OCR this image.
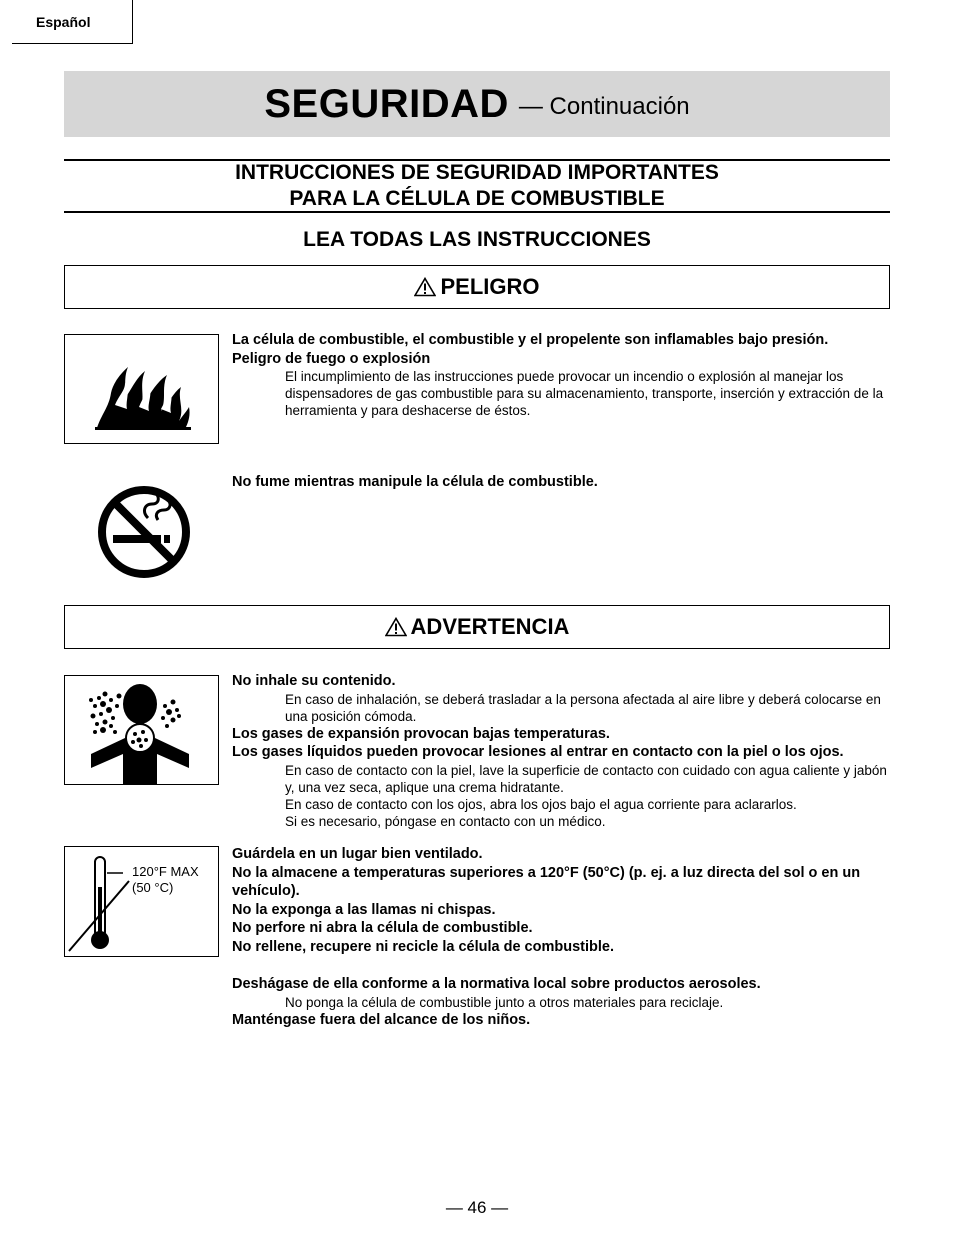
Español
SEGURIDAD — Continuación
INTRUCCIONES DE SEGURIDAD IMPORTANTES
PARA LA CÉLULA DE COMBUSTIBLE
LEA TODAS LAS INSTRUCCIONES
PELIGRO
La célula de combustible, el combustible y el propelente son inflamables bajo presión.
Peligro de fuego o explosión
El incumplimiento de las instrucciones puede provocar un incendio o explosión al manejar los dispensadores de gas combustible para su almacenamiento, transporte, inserción y extracción de la herramienta y para deshacerse de éstos.
No fume mientras manipule la célula de combustible.
ADVERTENCIA
No inhale su contenido.
En caso de inhalación, se deberá trasladar a la persona afectada al aire libre y deberá colocarse en una posición cómoda.
Los gases de expansión provocan bajas temperaturas.
Los gases líquidos pueden provocar lesiones al entrar en contacto con la piel o los ojos.
En caso de contacto con la piel, lave la superficie de contacto con cuidado con agua caliente y jabón y, una vez seca, aplique una crema hidratante.
En caso de contacto con los ojos, abra los ojos bajo el agua corriente para aclararlos.
Si es necesario, póngase en contacto con un médico.
120°F MAX
(50 °C)
Guárdela en un lugar bien ventilado.
No la almacene a temperaturas superiores a 120°F (50°C) (p. ej. a luz directa del sol o en un vehículo).
No la exponga a las llamas ni chispas.
No perfore ni abra la célula de combustible.
No rellene, recupere ni recicle la célula de combustible.
Deshágase de ella conforme a la normativa local sobre productos aerosoles.
No ponga la célula de combustible junto a otros materiales para reciclaje.
Manténgase fuera del alcance de los niños.
— 46 —
